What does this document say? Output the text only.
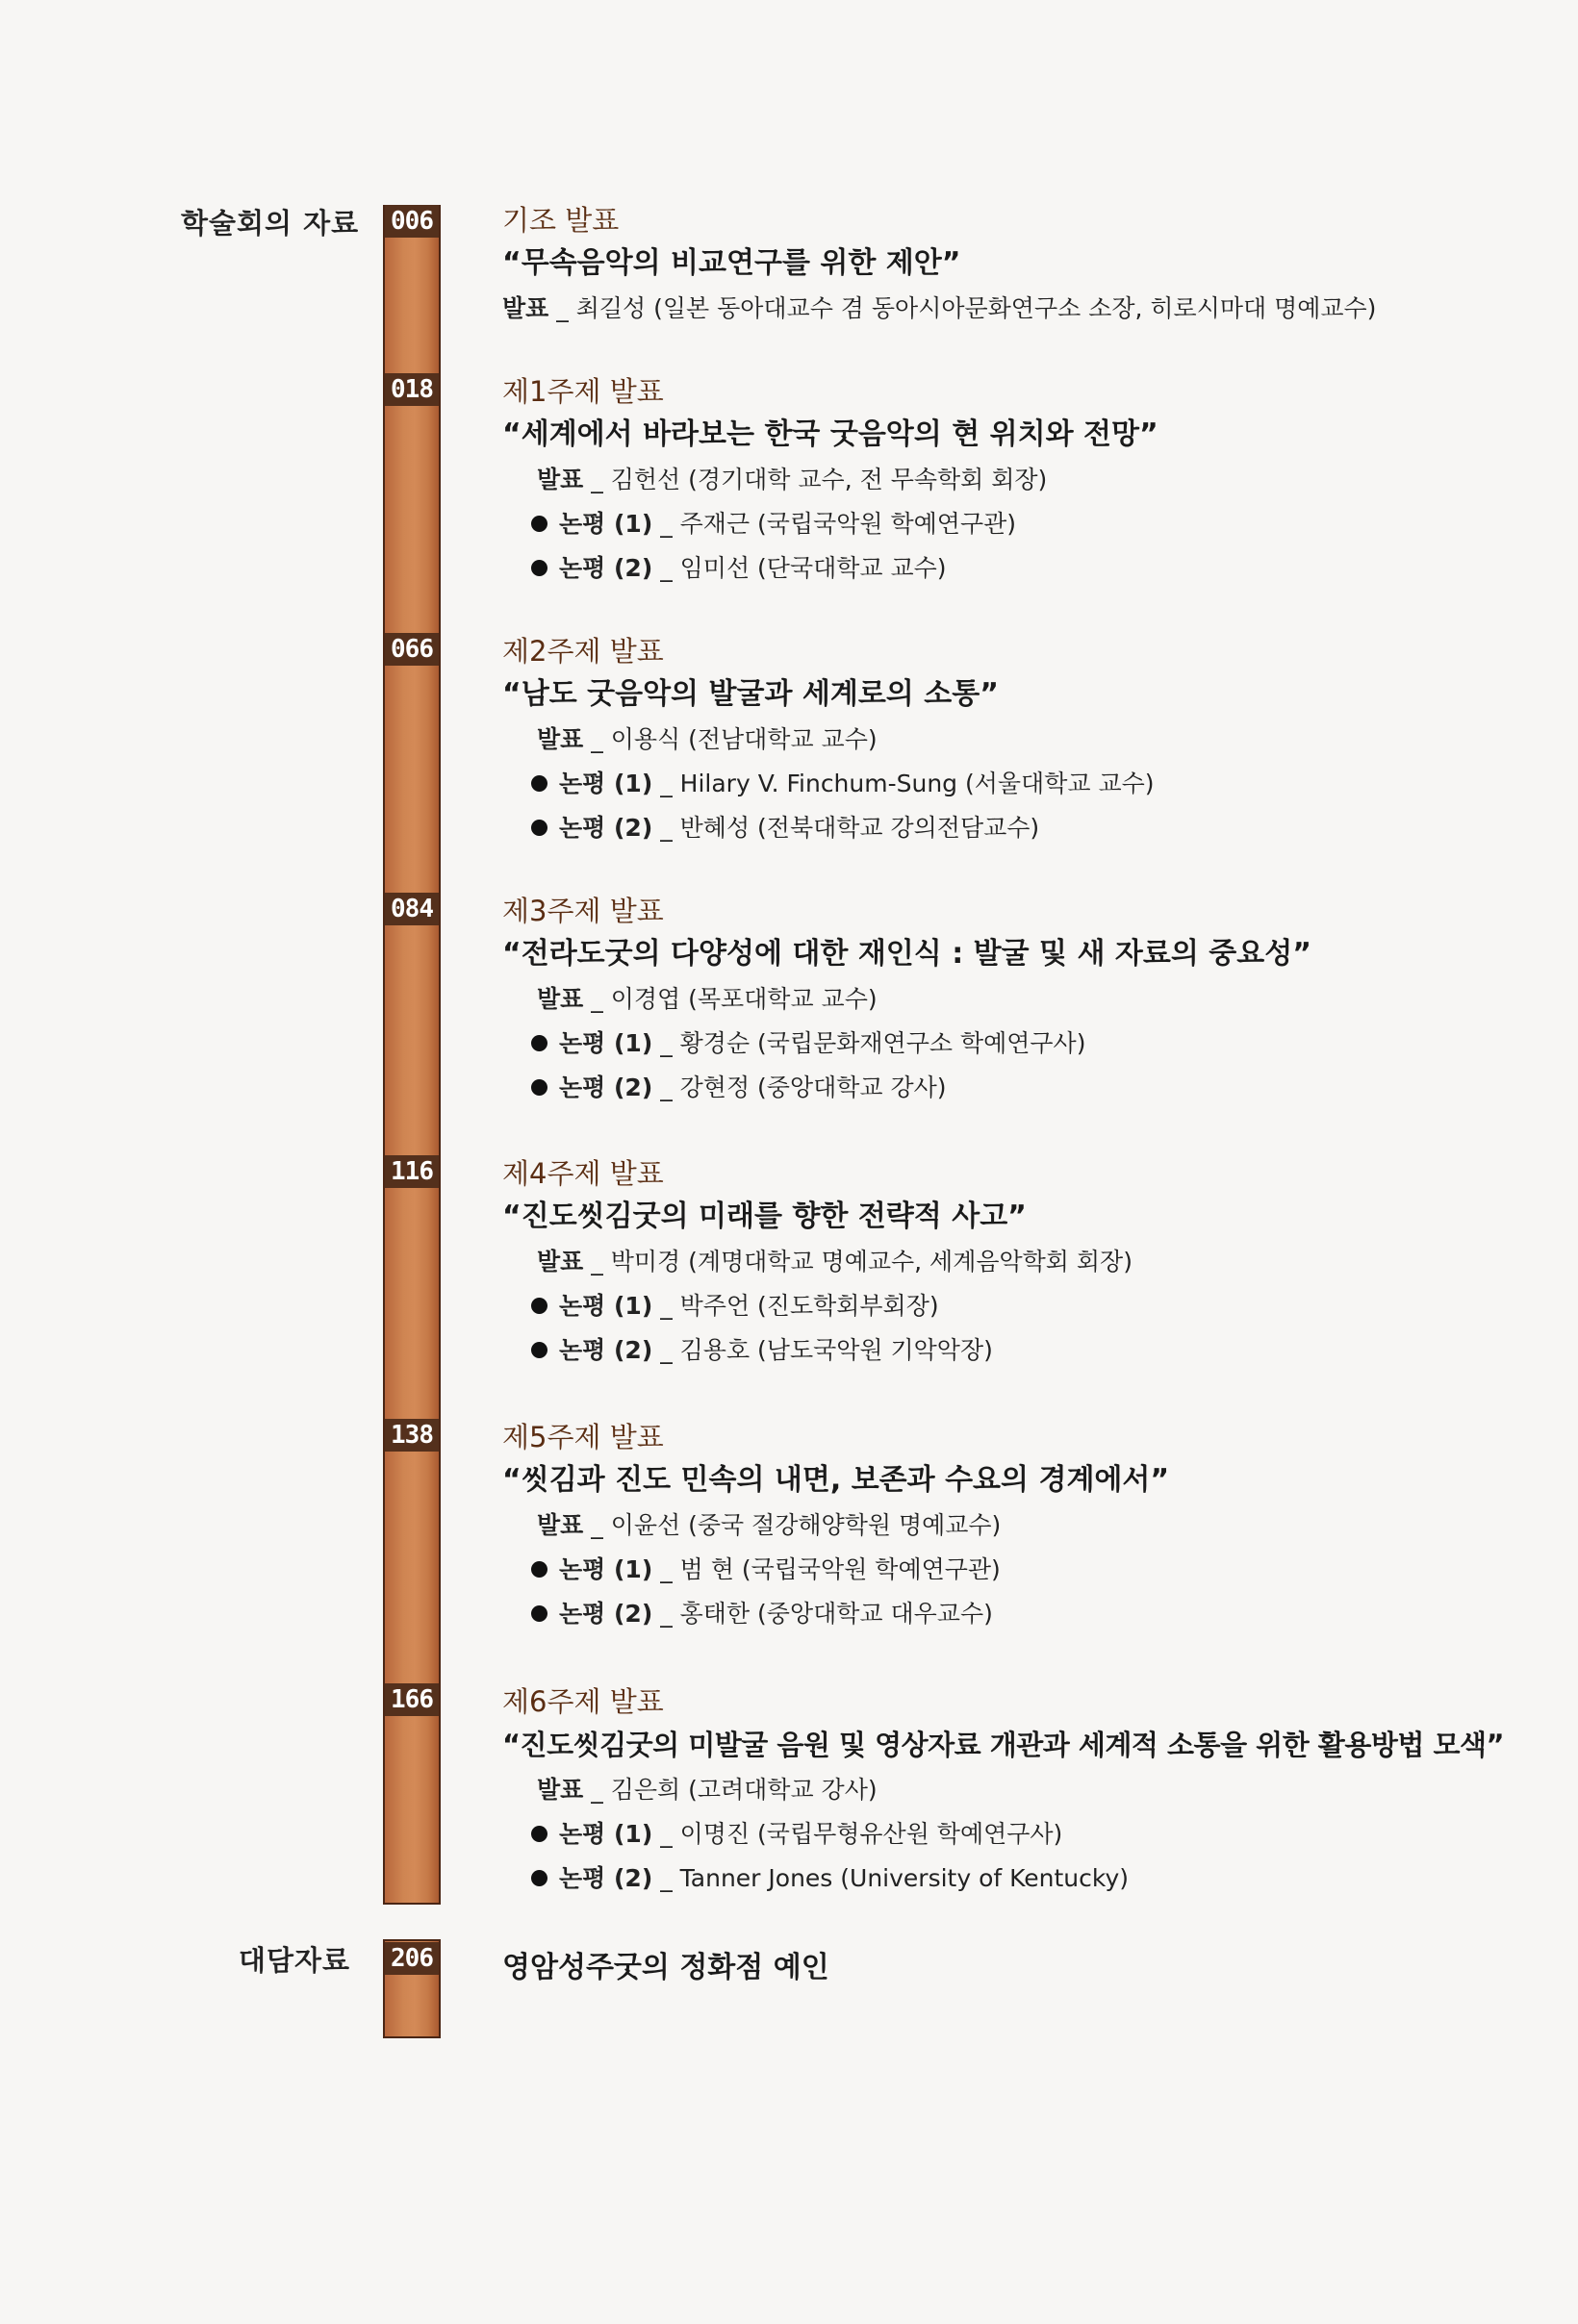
학술회의 자료
대담자료
006
018
066
084
116
138
166
206
기조 발표
“무속음악의 비교연구를 위한 제안”
발표 _ 최길성 (일본 동아대교수 겸 동아시아문화연구소 소장, 히로시마대 명예교수)
제1주제 발표
“세계에서 바라보는 한국 굿음악의 현 위치와 전망”
발표 _ 김헌선 (경기대학 교수, 전 무속학회 회장)
논평 (1) _ 주재근 (국립국악원 학예연구관)
논평 (2) _ 임미선 (단국대학교 교수)
제2주제 발표
“남도 굿음악의 발굴과 세계로의 소통”
발표 _ 이용식 (전남대학교 교수)
논평 (1) _ Hilary V. Finchum-Sung (서울대학교 교수)
논평 (2) _ 반혜성 (전북대학교 강의전담교수)
제3주제 발표
“전라도굿의 다양성에 대한 재인식 : 발굴 및 새 자료의 중요성”
발표 _ 이경엽 (목포대학교 교수)
논평 (1) _ 황경순 (국립문화재연구소 학예연구사)
논평 (2) _ 강현정 (중앙대학교 강사)
제4주제 발표
“진도씻김굿의 미래를 향한 전략적 사고”
발표 _ 박미경 (계명대학교 명예교수, 세계음악학회 회장)
논평 (1) _ 박주언 (진도학회부회장)
논평 (2) _ 김용호 (남도국악원 기악악장)
제5주제 발표
“씻김과 진도 민속의 내면, 보존과 수요의 경계에서”
발표 _ 이윤선 (중국 절강해양학원 명예교수)
논평 (1) _ 범 현 (국립국악원 학예연구관)
논평 (2) _ 홍태한 (중앙대학교 대우교수)
제6주제 발표
“진도씻김굿의 미발굴 음원 및 영상자료 개관과 세계적 소통을 위한 활용방법 모색”
발표 _ 김은희 (고려대학교 강사)
논평 (1) _ 이명진 (국립무형유산원 학예연구사)
논평 (2) _ Tanner Jones (University of Kentucky)
영암성주굿의 정화점 예인
